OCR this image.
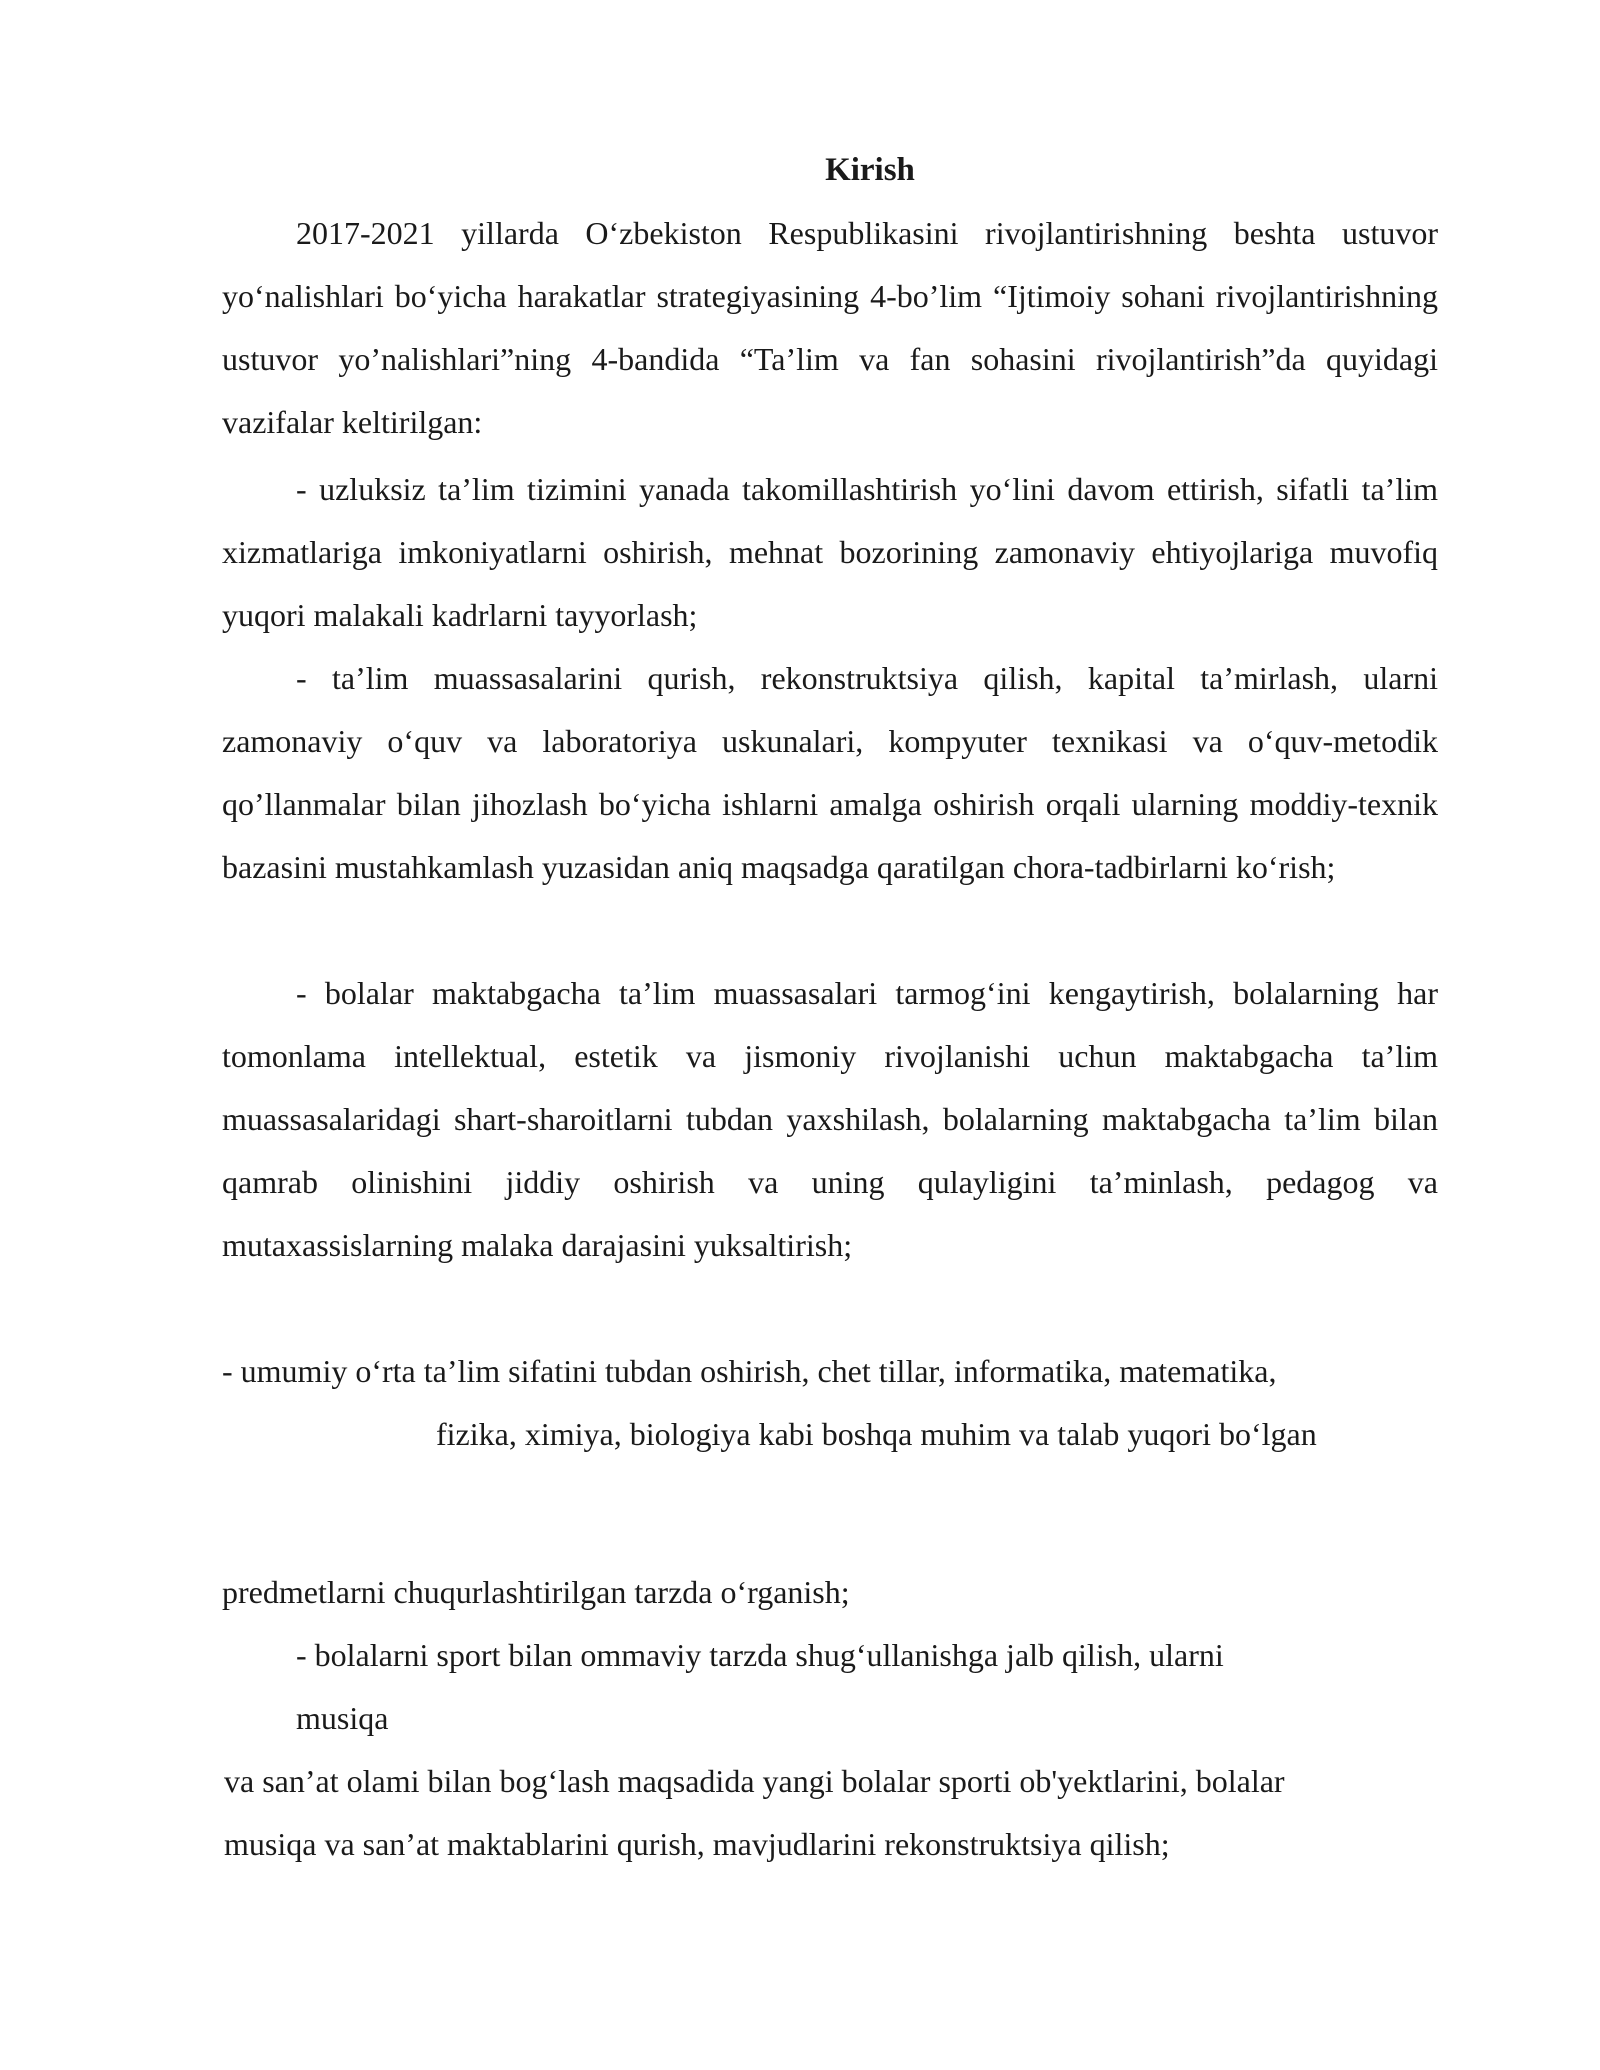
Kirish

2017-2021 yillarda O‘zbekiston Respublikasini rivojlantirishning beshta ustuvor yo‘nalishlari bo‘yicha harakatlar strategiyasining 4-bo’lim “Ijtimoiy sohani rivojlantirishning ustuvor yo’nalishlari”ning 4-bandida “Ta’lim va fan sohasini rivojlantirish”da quyidagi vazifalar keltirilgan:

- uzluksiz ta’lim tizimini yanada takomillashtirish yo‘lini davom ettirish, sifatli ta’lim xizmatlariga imkoniyatlarni oshirish, mehnat bozorining zamonaviy ehtiyojlariga muvofiq yuqori malakali kadrlarni tayyorlash;

- ta’lim muassasalarini qurish, rekonstruktsiya qilish, kapital ta’mirlash, ularni zamonaviy o‘quv va laboratoriya uskunalari, kompyuter texnikasi va o‘quv-metodik qo’llanmalar bilan jihozlash bo‘yicha ishlarni amalga oshirish orqali ularning moddiy-texnik bazasini mustahkamlash yuzasidan aniq maqsadga qaratilgan chora-tadbirlarni ko‘rish;

- bolalar maktabgacha ta’lim muassasalari tarmog‘ini kengaytirish, bolalarning har tomonlama intellektual, estetik va jismoniy rivojlanishi uchun maktabgacha ta’lim muassasalaridagi shart-sharoitlarni tubdan yaxshilash, bolalarning maktabgacha ta’lim bilan qamrab olinishini jiddiy oshirish va uning qulayligini ta’minlash, pedagog va mutaxassislarning malaka darajasini yuksaltirish;

- umumiy o‘rta ta’lim sifatini tubdan oshirish, chet tillar, informatika, matematika,

fizika, ximiya, biologiya kabi boshqa muhim va talab yuqori bo‘lgan

predmetlarni chuqurlashtirilgan tarzda o‘rganish;

- bolalarni sport bilan ommaviy tarzda shug‘ullanishga jalb qilish, ularni

musiqa

va san’at olami bilan bog‘lash maqsadida yangi bolalar sporti ob'yektlarini, bolalar

musiqa va san’at maktablarini qurish, mavjudlarini rekonstruktsiya qilish;
